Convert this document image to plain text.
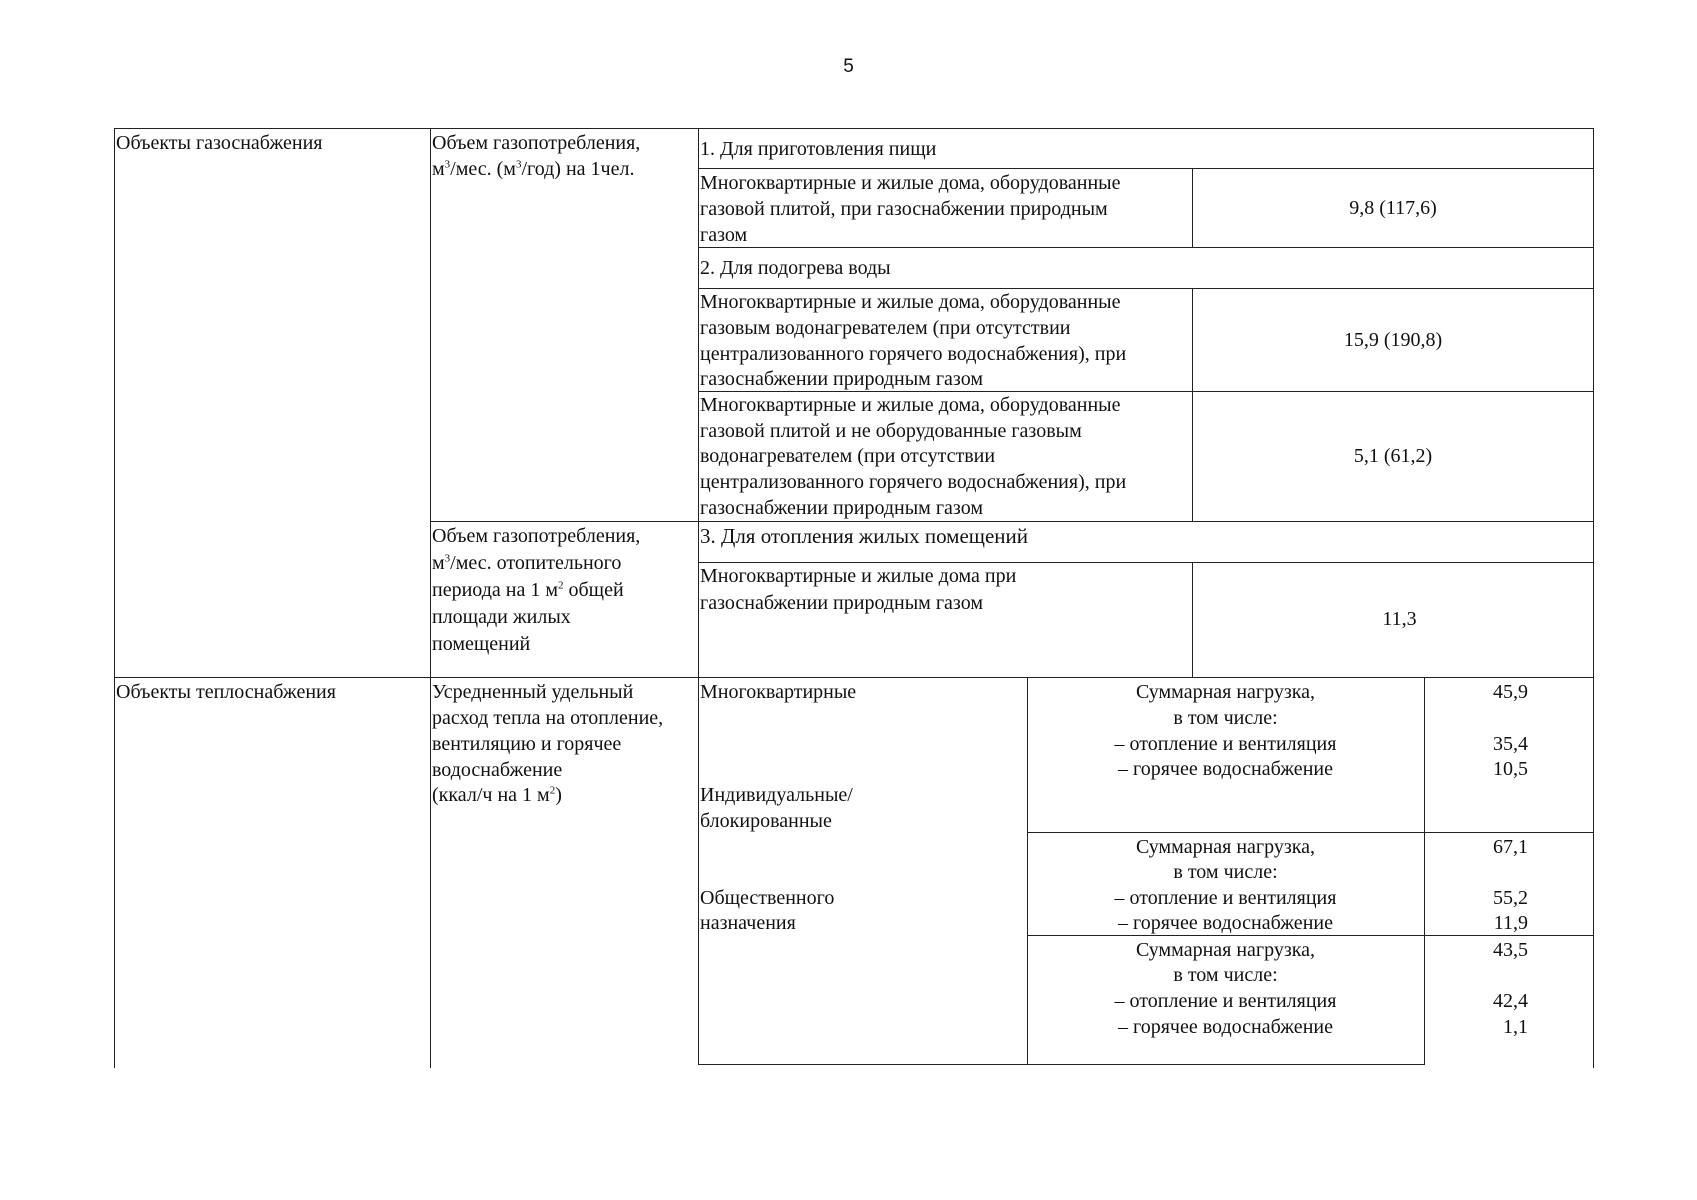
5
Объекты газоснабжения	Объем газопотребления,
$м^3$/мес. $(м^3/год)$ на 1чел.
1. Для приготовления пищи
Многоквартирные и жилые дома, оборудованные
газовой плитой, при газоснабжении природным
газом
9,8 (117,6)
2. Для подогрева воды
Многоквартирные и жилые дома, оборудованные
газовым водонагревателем (при отсутствии
централизованного горячего водоснабжения), при
газоснабжении природным газом
15,9 (190,8)
Многоквартирные и жилые дома, оборудованные
газовой плитой и не оборудованные газовым
водонагревателем (при отсутствии
централизованного горячего водоснабжения), при
газоснабжении природным газом
5,1 (61,2)
Объем газопотребления,
$м^3$/мес. отопительного
периода на 1 $м^2$ общей
площади жилых
помещений
3. Для отопления жилых помещений
Многоквартирные и жилые дома при
газоснабжении природным газом
11,3
Объекты теплоснабжения	Усредненный удельный
расход тепла на отопление,
вентиляцию и горячее
водоснабжение
(ккал/ч на 1 $м^2$)
Многоквартирные
Индивидуальные/
блокированные
Общественного
назначения
Суммарная нагрузка,
в том числе:
– отопление и вентиляция
– горячее водоснабжение
45,9
35,4
10,5
Суммарная нагрузка,
в том числе:
– отопление и вентиляция
– горячее водоснабжение
67,1
55,2
11,9
Суммарная нагрузка,
в том числе:
– отопление и вентиляция
– горячее водоснабжение
43,5
42,4
1,1
